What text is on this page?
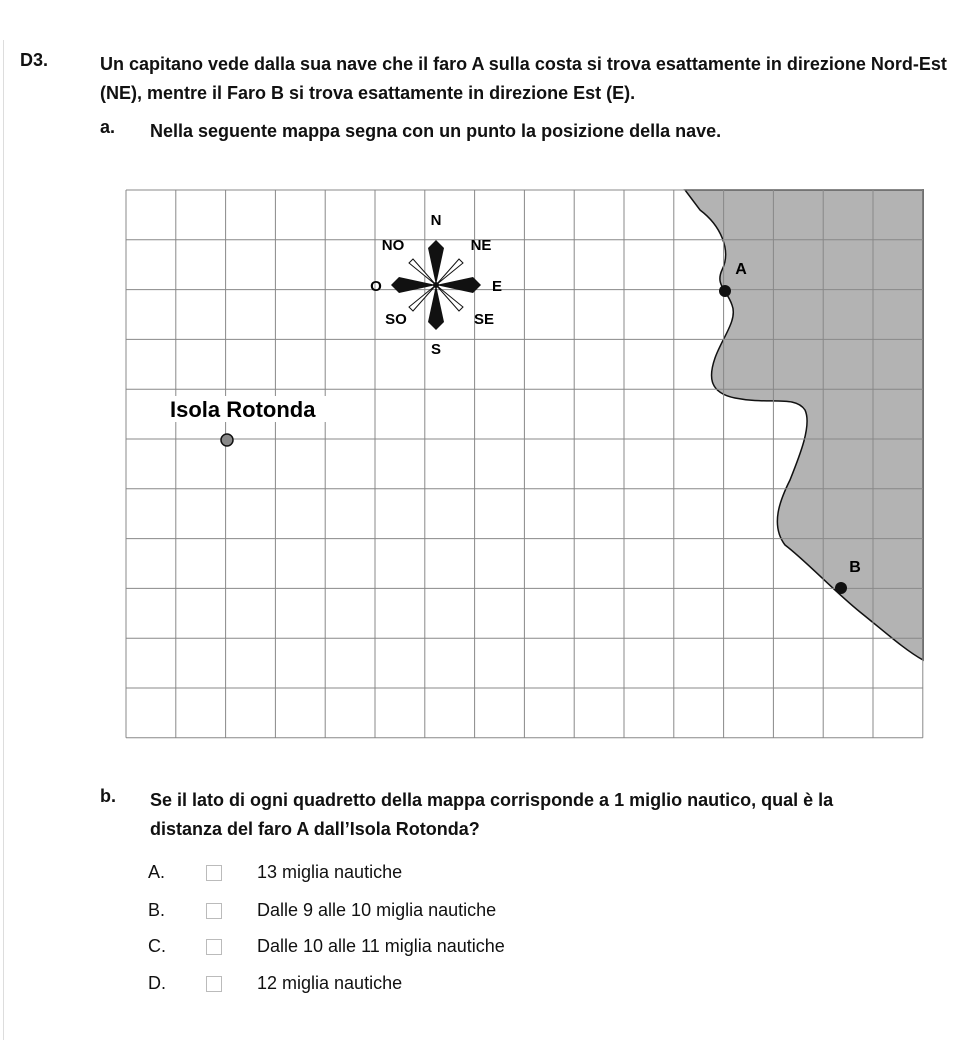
D3.	Un capitano vede dalla sua nave che il faro A sulla costa si trova esattamente in direzione Nord-Est (NE), mentre il Faro B si trova esattamente in direzione Est (E).
a. Nella seguente mappa segna con un punto la posizione della nave.
N
NE
E
SE
S
SO
O
NO
Isola Rotonda
A
B
b. Se il lato di ogni quadretto della mappa corrisponde a 1 miglio nautico, qual è la
distanza del faro A dall’Isola Rotonda?
A.	13 miglia nautiche
B.	Dalle 9 alle 10 miglia nautiche
C.	Dalle 10 alle 11 miglia nautiche
D.	12 miglia nautiche
